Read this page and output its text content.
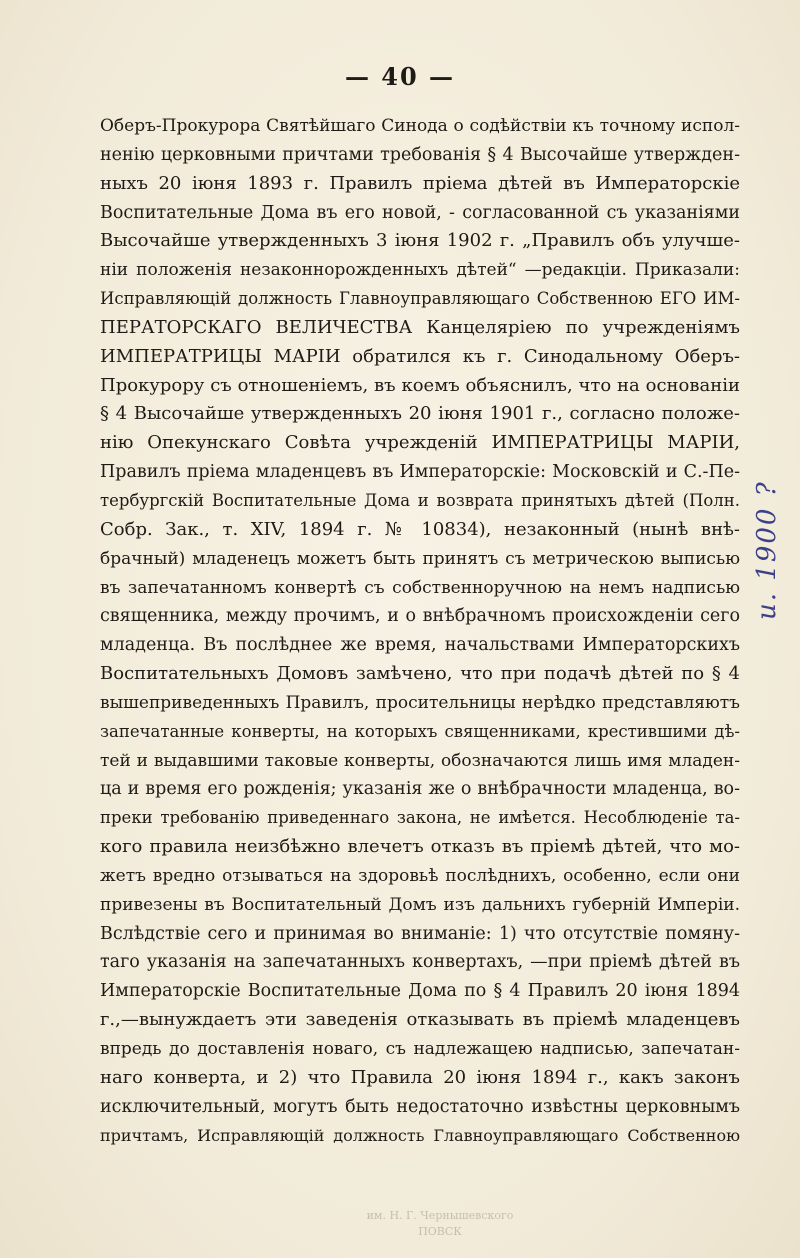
— 40 —
Оберъ-Прокурора Святѣйшаго Синода о содѣйствіи къ точному испол-
ненію церковными причтами требованія § 4 Высочайше утвержден-
ныхъ 20 іюня 1893 г. Правилъ пріема дѣтей въ Императорскіе
Воспитательные Дома въ его новой, - согласованной съ указаніями
Высочайше утвержденныхъ 3 іюня 1902 г. „Правилъ объ улучше-
ніи положенія незаконнорожденныхъ дѣтей“ —редакціи. Приказали:
Исправляющій должность Главноуправляющаго Собственною ЕГО ИМ-
ПЕРАТОРСКАГО ВЕЛИЧЕСТВА Канцеляріею по учрежденіямъ
ИМПЕРАТРИЦЫ МАРІИ обратился къ г. Синодальному Оберъ-
Прокурору съ отношеніемъ, въ коемъ объяснилъ, что на основаніи
§ 4 Высочайше утвержденныхъ 20 іюня 1901 г., согласно положе-
нію Опекунскаго Совѣта учрежденій ИМПЕРАТРИЦЫ МАРІИ,
Правилъ пріема младенцевъ въ Императорскіе: Московскій и С.-Пе-
тербургскій Воспитательные Дома и возврата принятыхъ дѣтей (Полн.
Собр. Зак., т. XIV, 1894 г. № 10834), незаконный (нынѣ внѣ-
брачный) младенецъ можетъ быть принятъ съ метрическою выписью
въ запечатанномъ конвертѣ съ собственноручною на немъ надписью
священника, между прочимъ, и о внѣбрачномъ происхожденіи сего
младенца. Въ послѣднее же время, начальствами Императорскихъ
Воспитательныхъ Домовъ замѣчено, что при подачѣ дѣтей по § 4
вышеприведенныхъ Правилъ, просительницы нерѣдко представляютъ
запечатанные конверты, на которыхъ священниками, крестившими дѣ-
тей и выдавшими таковые конверты, обозначаются лишь имя младен-
ца и время его рожденія; указанія же о внѣбрачности младенца, во-
преки требованію приведеннаго закона, не имѣется. Несоблюденіе та-
кого правила неизбѣжно влечетъ отказъ въ пріемѣ дѣтей, что мо-
жетъ вредно отзываться на здоровьѣ послѣднихъ, особенно, если они
привезены въ Воспитательный Домъ изъ дальнихъ губерній Имперіи.
Вслѣдствіе сего и принимая во вниманіе: 1) что отсутствіе помяну-
таго указанія на запечатанныхъ конвертахъ, —при пріемѣ дѣтей въ
Императорскіе Воспитательные Дома по § 4 Правилъ 20 іюня 1894
г.,—вынуждаетъ эти заведенія отказывать въ пріемѣ младенцевъ
впредь до доставленія новаго, съ надлежащею надписью, запечатан-
наго конверта, и 2) что Правила 20 іюня 1894 г., какъ законъ
исключительный, могутъ быть недостаточно извѣстны церковнымъ
причтамъ, Исправляющій должность Главноуправляющаго Собственною
и. 1900 ?
им. Н. Г. Чернышевского
ПОВСК
